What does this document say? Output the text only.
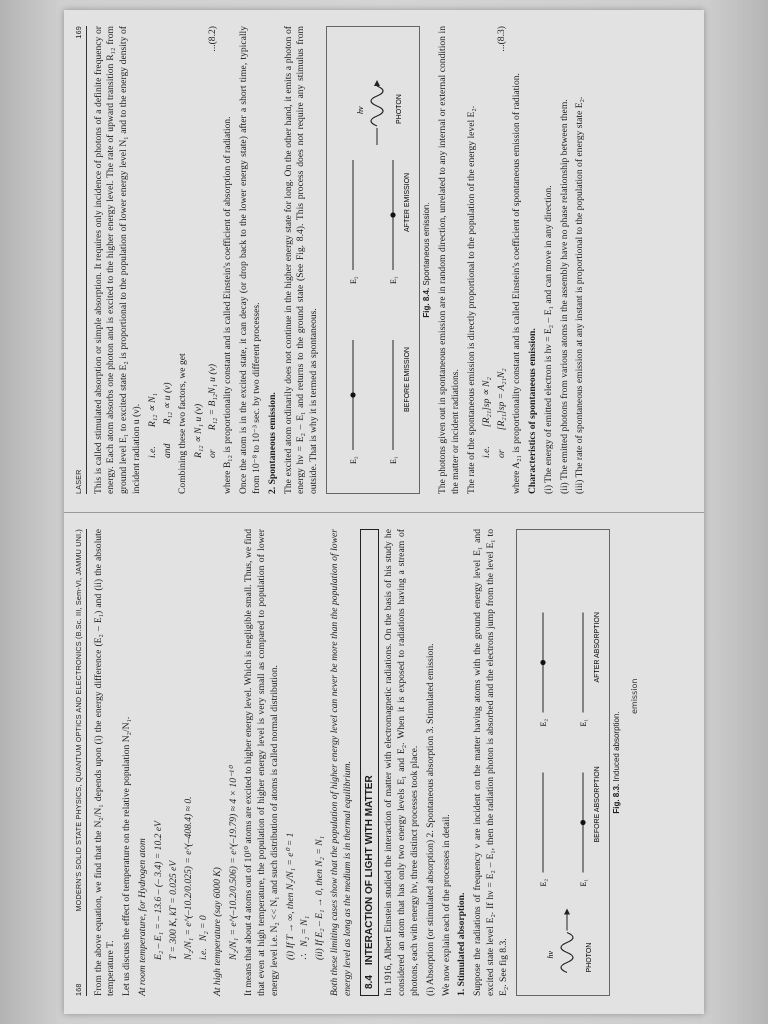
168
MODERN'S SOLID STATE PHYSICS, QUANTUM OPTICS AND ELECTRONICS (B.Sc. III, Sem-VI, JAMMU UNI.) From the above equation, we find that the N₂/N₁ depends upon (i) the energy difference (E₂ – E₁) and (ii) the absolute temperature T. Let us discuss the effect of temperature on the relative population N₂/N₁. At room temperature, for Hydrogen atom E₂ – E₁ = – 13.6 – (– 3.4) = 10.2 eV T = 300 K, kT = 0.025 eV N₂/N₁ = e^(–10.2/0.025) = e^(–408.4) ≈ 0. i.e.   N₂ = 0 At high temperature (say 6000 K) N₂/N₁ = e^(–10.2/0.506) = e^(–19.79) ≈ 4 × 10⁻¹⁰ It means that about 4 atoms out of 10¹⁰ atoms are excited to higher energy level. Which is negligible small. Thus, we find that even at high temperature, the population of higher energy level is very small as compared to population of lower energy level i.e. N₂ << N₁ and such distribution of atoms is called normal distribution. (i) If T → ∞, then N₂/N₁ = e⁰ = 1 ∴   N₂ = N₁ (ii) If E₂ – E₁ → 0, then N₂ = N₁ Both these limiting cases show that the population of higher energy level can never be more than the population of lower energy level as long as the medium is in thermal equilibrium. 8.4
INTERACTION OF LIGHT WITH MATTER In 1916, Albert Einstein studied the interaction of matter with electromagnetic radiations. On the basis of his study he considered an atom that has only two energy levels E₁ and E₂. When it is exposed to radiations having a stream of photons, each with energy hν, three distinct processes took place. (i) Absorption (or stimulated absorption) 2. Spontaneous absorption 3. Stimulated emission. We now explain each of the processes in detail. 1. Stimulated absorption. Suppose the radiations of frequency ν are incident on the matter having atoms with the ground energy level E₁ and excited state level E₂. If hν = E₂ – E₁, then the radiation photon is absorbed and the electrons jump from the level E₁ to E₂. See fig 8.3.	PHOTON
hν
E₂	E₁
BEFORE ABSORPTION
E₂	E₁
AFTER ABSORPTION
Fig. 8.3. Induced absorption.
emission
LASER
169 This is called stimulated absorption or simple absorption. It requires only incidence of photons of a definite frequency or energy. Each atom absorbs one photon and is excited to the higher energy level. The rate of upward transition R₁₂ from ground level E₁ to excited state E₂ is proportional to the population of lower energy level N₁ and to the energy density of incident radiation u (ν). i.e.        R₁₂ ∝ N₁ and        R₁₂ ∝ u (ν) Combining these two factors, we get R₁₂ ∝ N₁ u (ν) or        R₁₂ = B₁₂N₁ u (ν)
...(8.2)

where B₁₂ is proportionality constant and is called Einstein's coefficient of absorption of radiation. Once the atom is in the excited state, it can decay (or drop back to the lower energy state) after a short time, typically from 10⁻⁸ to 10⁻³ sec. by two different processes. 2. Spontaneous emission. The excited atom ordinarily does not continue in the higher energy state for long. On the other hand, it emits a photon of energy hν = E₂ – E₁ and returns to the ground state (See Fig. 8.4). This process does not require any stimulus from outside. That is why it is termed as spontaneous.	E₂	E₁
BEFORE EMISSION
E₂	E₁
AFTER EMISSION
hν	PHOTON
Fig. 8.4. Spontaneous emission. The photons given out in spontaneous emission are in random direction, unrelated to any internal or external condition in the matter or incident radiations. The rate of the spontaneous emission is directly proportional to the population of the energy level E₂. i.e.        [R₂₁]sp ∝ N₂ or        [R₂₁]sp = A₂₁N₂
...(8.3)

where A₂₁ is proportionality constant and is called Einstein's coefficient of spontaneous emission of radiation. Characteristics of spontaneous emission. (i) The energy of emitted electron is hν = E₂ – E₁ and can move in any direction. (ii) The emitted photons from various atoms in the assembly have no phase relationship between them. (iii) The rate of spontaneous emission at any instant is proportional to the population of energy state E₂.
